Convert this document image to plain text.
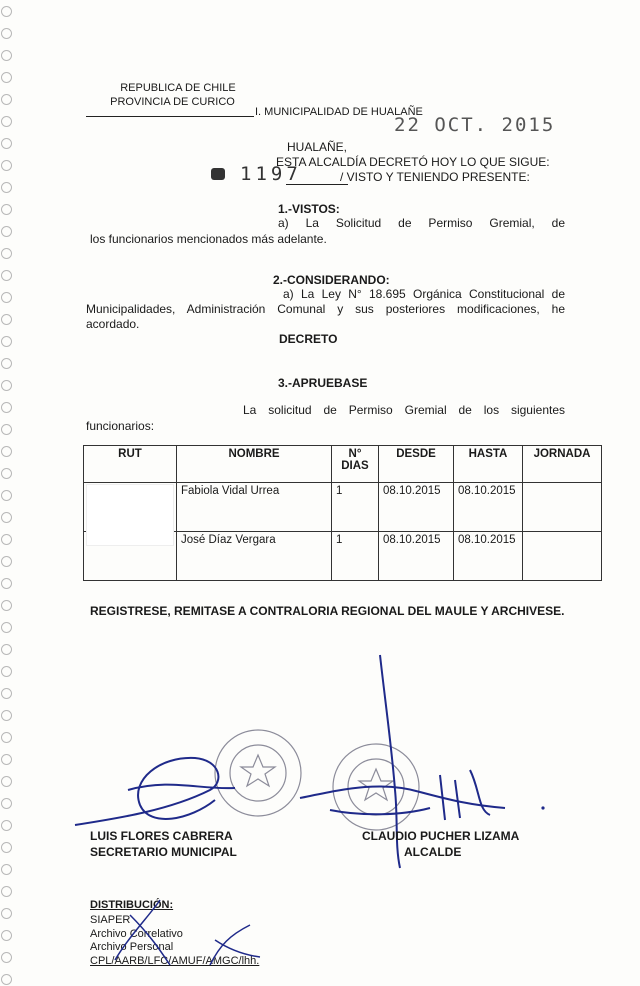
REPUBLICA DE CHILE
PROVINCIA DE CURICO
I. MUNICIPALIDAD DE HUALAÑE
22 OCT. 2015
HUALAÑE,
ESTA ALCALDÍA DECRETÓ HOY LO QUE SIGUE:
1197	/ VISTO Y TENIENDO PRESENTE:
1.-VISTOS:
a) La Solicitud de Permiso Gremial, de
los funcionarios mencionados más adelante.
2.-CONSIDERANDO:
a) La Ley N° 18.695 Orgánica Constitucional de
Municipalidades, Administración Comunal y sus posteriores modificaciones, he
acordado.
DECRETO
3.-APRUEBASE
La solicitud de Permiso Gremial de los siguientes
funcionarios:
RUT	NOMBRE	N° DIAS	DESDE	HASTA	JORNADA
	Fabiola Vidal Urrea	1	08.10.2015	08.10.2015	
	José Díaz Vergara	1	08.10.2015	08.10.2015	
REGISTRESE, REMITASE A CONTRALORIA REGIONAL DEL MAULE Y ARCHIVESE.
LUIS FLORES CABRERA
SECRETARIO MUNICIPAL
CLAUDIO PUCHER LIZAMA
ALCALDE
DISTRIBUCIÓN:
SIAPER
Archivo Correlativo
Archivo Personal
CPL/AARB/LFC/AMUF/AMGC/lhh.
